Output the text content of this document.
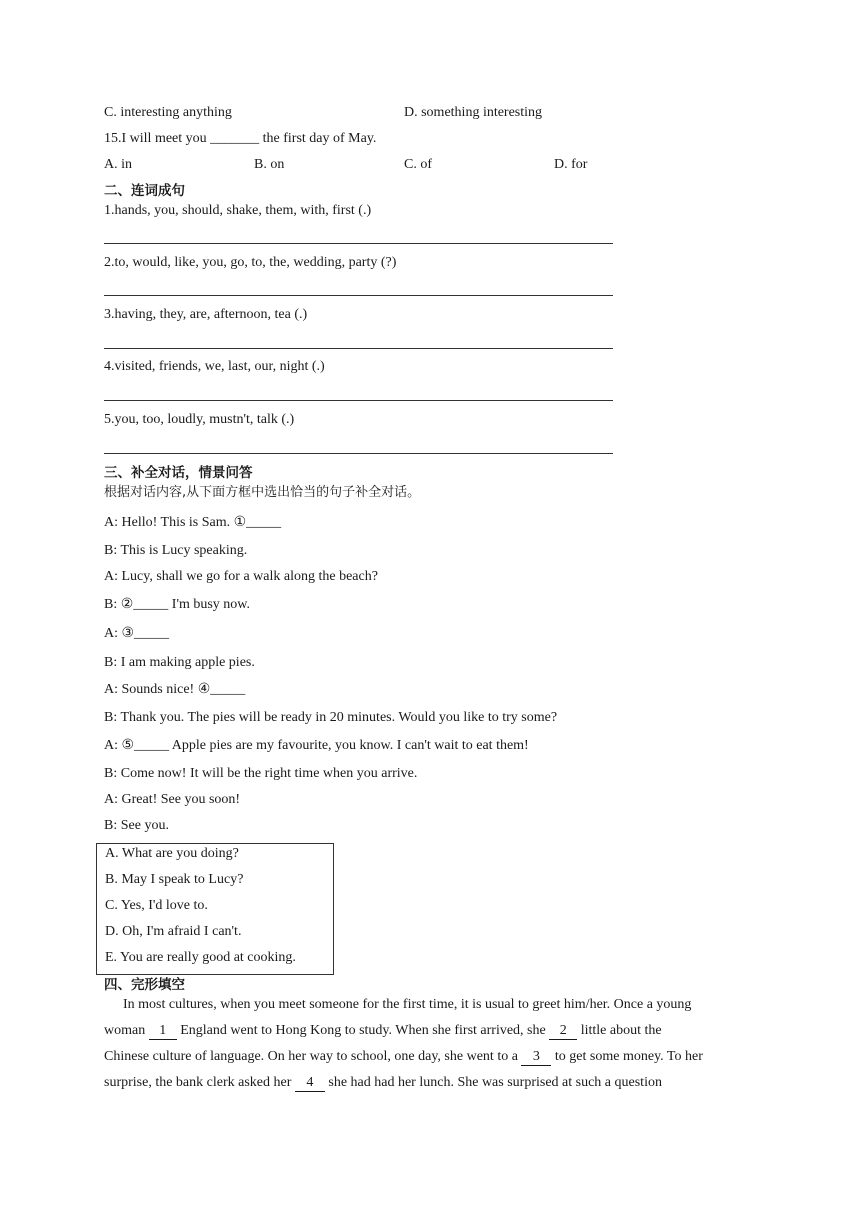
C. interesting anything	D. something interesting
15.I will meet you _______ the first day of May.
A. in	B. on	C. of	D. for
二、连词成句
1.hands, you, should, shake, them, with, first (.)
2.to, would, like, you, go, to, the, wedding, party (?)
3.having, they, are, afternoon, tea (.)
4.visited, friends, we, last, our, night (.)
5.you, too, loudly, mustn't, talk (.)
三、补全对话，情景问答
根据对话内容,从下面方框中选出恰当的句子补全对话。
A: Hello! This is Sam. ①_____
B: This is Lucy speaking.
A: Lucy, shall we go for a walk along the beach?
B: ②_____ I'm busy now.
A: ③_____
B: I am making apple pies.
A: Sounds nice! ④_____
B: Thank you. The pies will be ready in 20 minutes. Would you like to try some?
A: ⑤_____ Apple pies are my favourite, you know. I can't wait to eat them!
B: Come now! It will be the right time when you arrive.
A: Great! See you soon!
B: See you.
A. What are you doing?
B. May I speak to Lucy?
C. Yes, I'd love to.
D. Oh, I'm afraid I can't.
E. You are really good at cooking.
四、完形填空
In most cultures, when you meet someone for the first time, it is usual to greet him/her. Once a young
woman 1 England went to Hong Kong to study. When she first arrived, she 2 little about the
Chinese culture of language. On her way to school, one day, she went to a 3 to get some money. To her
surprise, the bank clerk asked her 4 she had had her lunch. She was surprised at such a question
